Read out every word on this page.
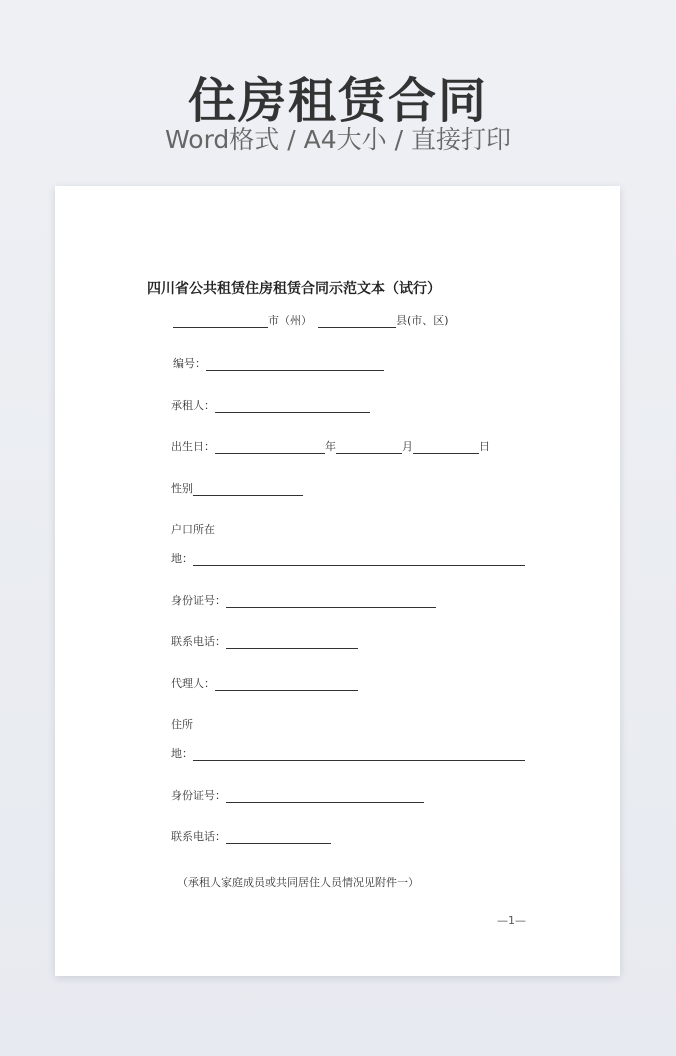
住房租赁合同
Word格式 / A4大小 / 直接打印
四川省公共租赁住房租赁合同示范文本（试行）
市（州）	县(市、区)
编号：
承租人：
出生日：	年	月	日
性别
户口所在
地：
身份证号：
联系电话：
代理人：
住所
地：
身份证号：
联系电话：
（承租人家庭成员或共同居住人员情况见附件一）
—1—
